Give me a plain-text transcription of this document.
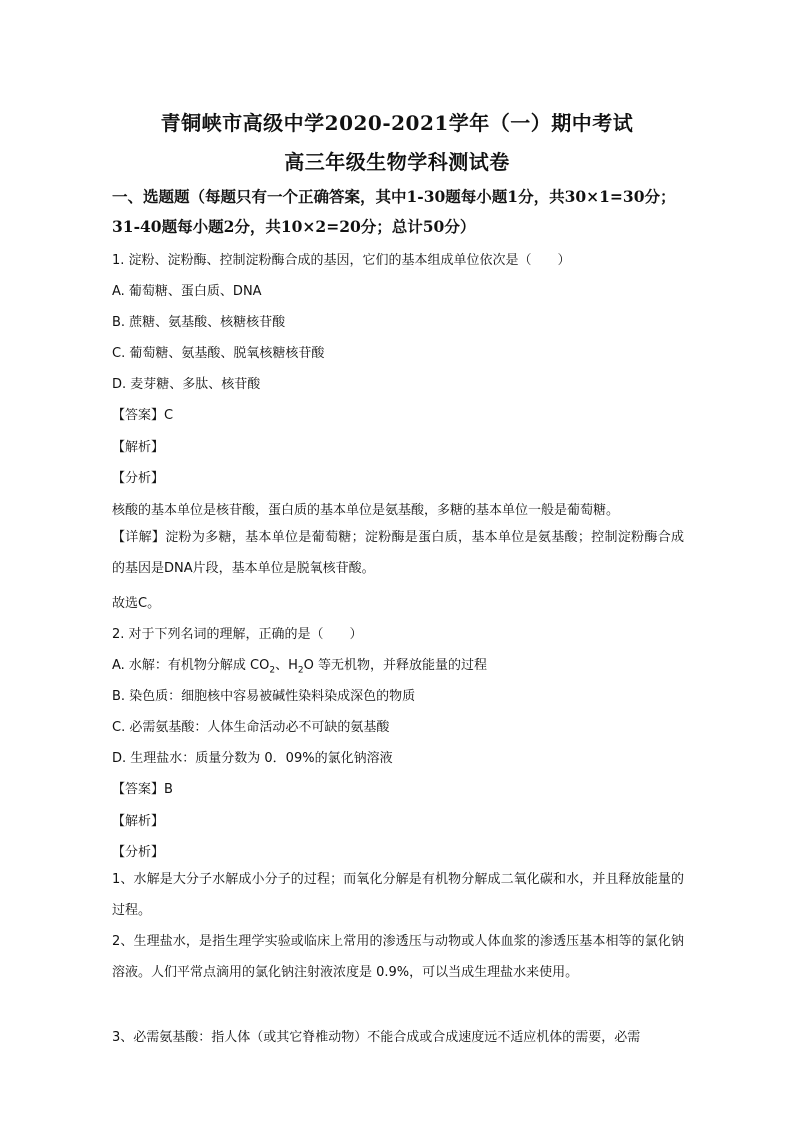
青铜峡市高级中学2020-2021学年（一）期中考试
高三年级生物学科测试卷
一、选题题（每题只有一个正确答案，其中1-30题每小题1分，共30×1=30分；
31-40题每小题2分，共10×2=20分；总计50分）
1. 淀粉、淀粉酶、控制淀粉酶合成的基因，它们的基本组成单位依次是（　　）
A. 葡萄糖、蛋白质、DNA
B. 蔗糖、氨基酸、核糖核苷酸
C. 葡萄糖、氨基酸、脱氧核糖核苷酸
D. 麦芽糖、多肽、核苷酸
【答案】C
【解析】
【分析】
核酸的基本单位是核苷酸，蛋白质的基本单位是氨基酸，多糖的基本单位一般是葡萄糖。
【详解】淀粉为多糖，基本单位是葡萄糖；淀粉酶是蛋白质，基本单位是氨基酸；控制淀粉酶合成的基因是DNA片段，基本单位是脱氧核苷酸。
故选C。
2. 对于下列名词的理解，正确的是（　　）
A. 水解：有机物分解成 $CO_2$、$H_2O$ 等无机物，并释放能量的过程
B. 染色质：细胞核中容易被碱性染料染成深色的物质
C. 必需氨基酸：人体生命活动必不可缺的氨基酸
D. 生理盐水：质量分数为 0．09%的氯化钠溶液
【答案】B
【解析】
【分析】
1、水解是大分子水解成小分子的过程；而氧化分解是有机物分解成二氧化碳和水，并且释放能量的过程。
2、生理盐水，是指生理学实验或临床上常用的渗透压与动物或人体血浆的渗透压基本相等的氯化钠溶液。人们平常点滴用的氯化钠注射液浓度是 0.9%，可以当成生理盐水来使用。
3、必需氨基酸：指人体（或其它脊椎动物）不能合成或合成速度远不适应机体的需要，必需
